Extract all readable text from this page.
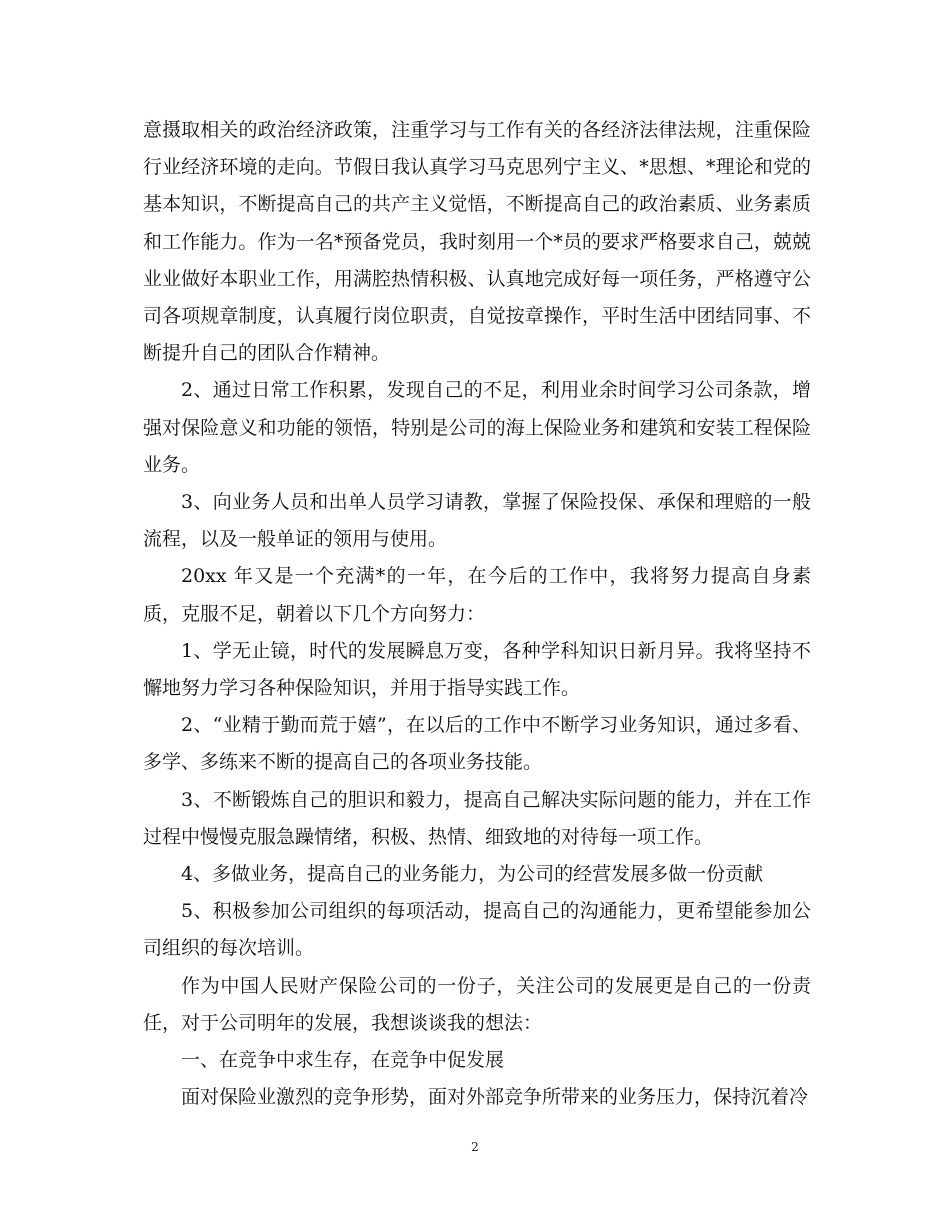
意摄取相关的政治经济政策，注重学习与工作有关的各经济法律法规，注重保险行业经济环境的走向。节假日我认真学习马克思列宁主义、*思想、*理论和党的基本知识，不断提高自己的共产主义觉悟，不断提高自己的政治素质、业务素质和工作能力。作为一名*预备党员，我时刻用一个*员的要求严格要求自己，兢兢业业做好本职业工作，用满腔热情积极、认真地完成好每一项任务，严格遵守公司各项规章制度，认真履行岗位职责，自觉按章操作，平时生活中团结同事、不断提升自己的团队合作精神。

2、通过日常工作积累，发现自己的不足，利用业余时间学习公司条款，增强对保险意义和功能的领悟，特别是公司的海上保险业务和建筑和安装工程保险业务。

3、向业务人员和出单人员学习请教，掌握了保险投保、承保和理赔的一般流程，以及一般单证的领用与使用。

20xx 年又是一个充满*的一年，在今后的工作中，我将努力提高自身素质，克服不足，朝着以下几个方向努力：

1、学无止镜，时代的发展瞬息万变，各种学科知识日新月异。我将坚持不懈地努力学习各种保险知识，并用于指导实践工作。

2、“业精于勤而荒于嬉”，在以后的工作中不断学习业务知识，通过多看、多学、多练来不断的提高自己的各项业务技能。

3、不断锻炼自己的胆识和毅力，提高自己解决实际问题的能力，并在工作过程中慢慢克服急躁情绪，积极、热情、细致地的对待每一项工作。

4、多做业务，提高自己的业务能力，为公司的经营发展多做一份贡献

5、积极参加公司组织的每项活动，提高自己的沟通能力，更希望能参加公司组织的每次培训。

作为中国人民财产保险公司的一份子，关注公司的发展更是自己的一份责任，对于公司明年的发展，我想谈谈我的想法：

一、在竞争中求生存，在竞争中促发展

面对保险业激烈的竞争形势，面对外部竞争所带来的业务压力，保持沉着冷

2
